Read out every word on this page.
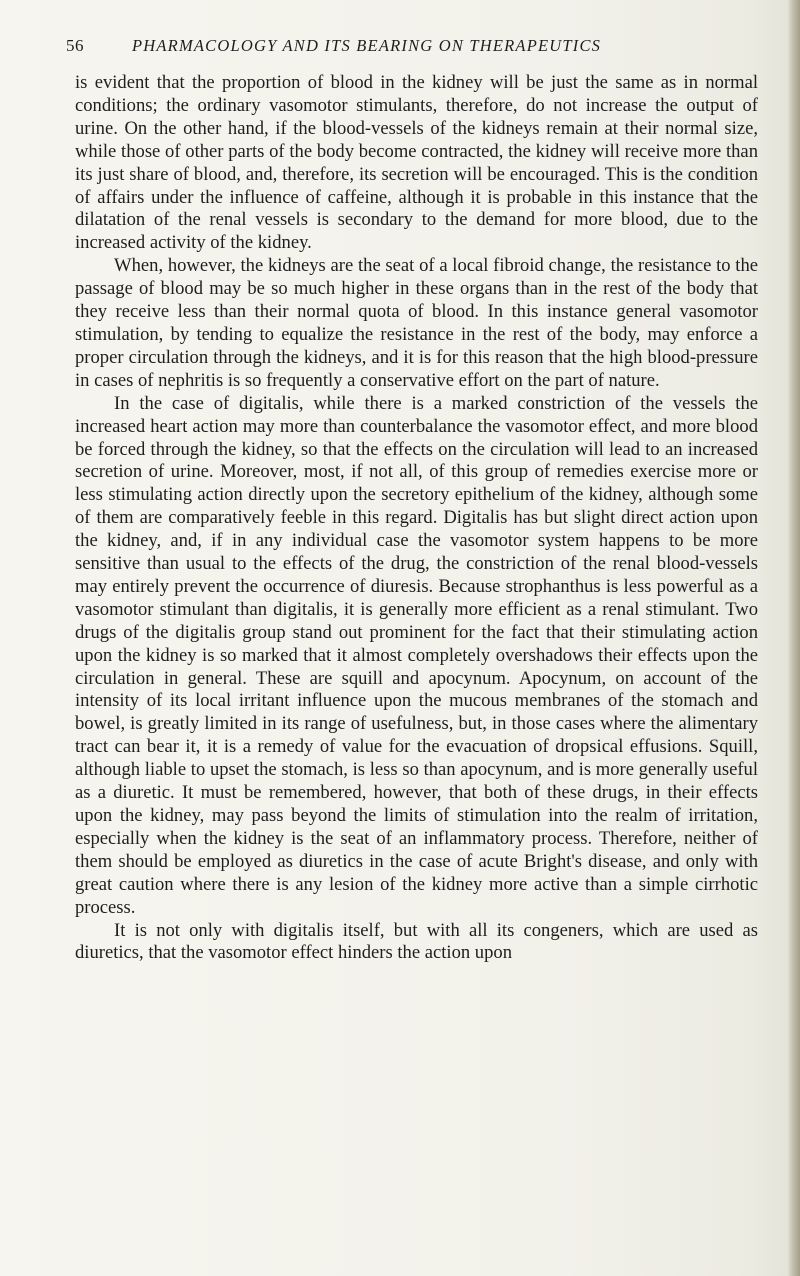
56	PHARMACOLOGY AND ITS BEARING ON THERAPEUTICS

is evident that the proportion of blood in the kidney will be just the same as in normal conditions; the ordinary vasomotor stimulants, therefore, do not increase the output of urine. On the other hand, if the blood-vessels of the kidneys remain at their normal size, while those of other parts of the body become contracted, the kidney will receive more than its just share of blood, and, therefore, its secretion will be encouraged. This is the condition of affairs under the influence of caffeine, although it is probable in this instance that the dilatation of the renal vessels is secondary to the demand for more blood, due to the increased activity of the kidney.

When, however, the kidneys are the seat of a local fibroid change, the resistance to the passage of blood may be so much higher in these organs than in the rest of the body that they receive less than their normal quota of blood. In this instance general vasomotor stimulation, by tending to equalize the resistance in the rest of the body, may enforce a proper circulation through the kidneys, and it is for this reason that the high blood-pressure in cases of nephritis is so frequently a conservative effort on the part of nature.

In the case of digitalis, while there is a marked constriction of the vessels the increased heart action may more than counterbalance the vasomotor effect, and more blood be forced through the kidney, so that the effects on the circulation will lead to an increased secretion of urine. Moreover, most, if not all, of this group of remedies exercise more or less stimulating action directly upon the secretory epithelium of the kidney, although some of them are comparatively feeble in this regard. Digitalis has but slight direct action upon the kidney, and, if in any individual case the vasomotor system happens to be more sensitive than usual to the effects of the drug, the constriction of the renal blood-vessels may entirely prevent the occurrence of diuresis. Because strophanthus is less powerful as a vasomotor stimulant than digitalis, it is generally more efficient as a renal stimulant. Two drugs of the digitalis group stand out prominent for the fact that their stimulating action upon the kidney is so marked that it almost completely overshadows their effects upon the circulation in general. These are squill and apocynum. Apocynum, on account of the intensity of its local irritant influence upon the mucous membranes of the stomach and bowel, is greatly limited in its range of usefulness, but, in those cases where the alimentary tract can bear it, it is a remedy of value for the evacuation of dropsical effusions. Squill, although liable to upset the stomach, is less so than apocynum, and is more generally useful as a diuretic. It must be remembered, however, that both of these drugs, in their effects upon the kidney, may pass beyond the limits of stimulation into the realm of irritation, especially when the kidney is the seat of an inflammatory process. Therefore, neither of them should be employed as diuretics in the case of acute Bright's disease, and only with great caution where there is any lesion of the kidney more active than a simple cirrhotic process.

It is not only with digitalis itself, but with all its congeners, which are used as diuretics, that the vasomotor effect hinders the action upon
